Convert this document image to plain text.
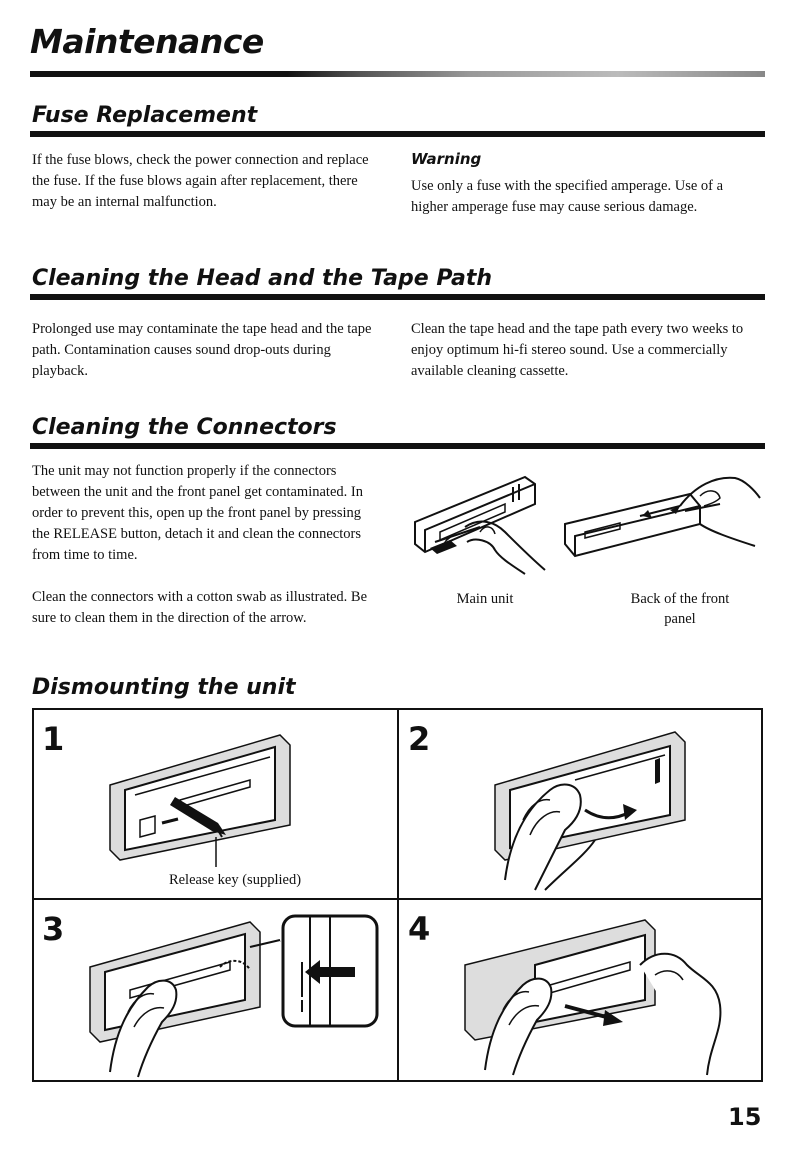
Maintenance
Fuse Replacement

If the fuse blows, check the power connection and replace the fuse. If the fuse blows again after replacement, there may be an internal malfunction.

Warning

Use only a fuse with the specified amperage. Use of a higher amperage fuse may cause serious damage.

Cleaning the Head and the Tape Path

Prolonged use may contaminate the tape head and the tape path. Contamination causes sound drop-outs during playback.

Clean the tape head and the tape path every two weeks to enjoy optimum hi-fi stereo sound. Use a commercially available cleaning cassette.

Cleaning the Connectors

The unit may not function properly if the connectors between the unit and the front panel get contaminated. In order to prevent this, open up the front panel by pressing the RELEASE button, detach it and clean the connectors from time to time.

Clean the connectors with a cotton swab as illustrated. Be sure to clean them in the direction of the arrow.

Main unit	Back of the front panel
Dismounting the unit
1
Release key (supplied)
2
3	4
15
